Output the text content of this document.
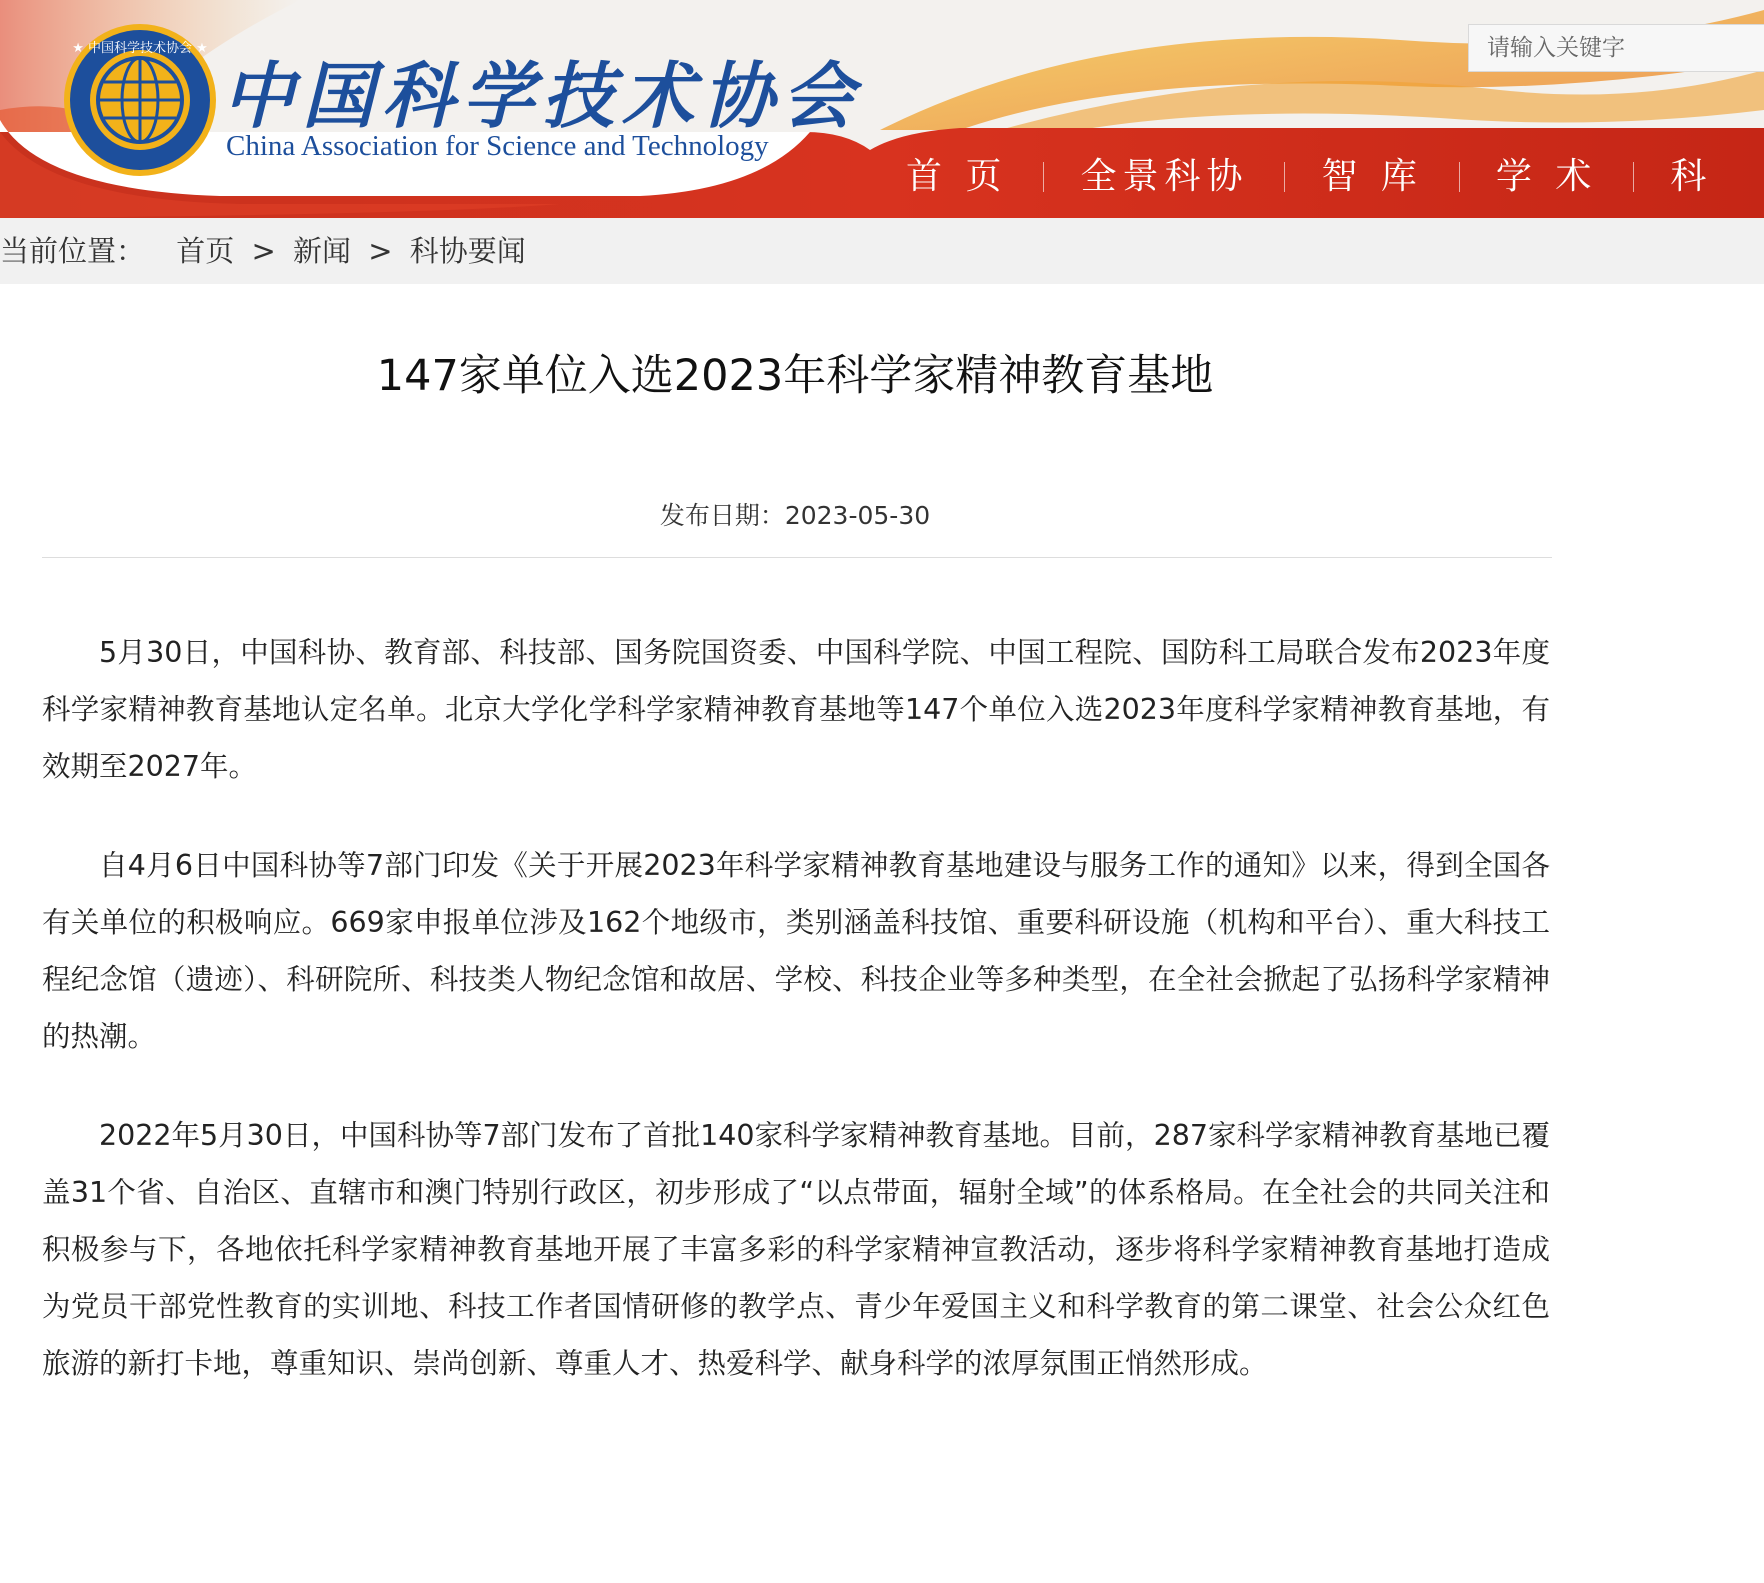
★ 中国科学技术协会 ★
中国科学技术协会
China Association for Science and Technology
请输入关键字
首 页	全景科协	智 库	学 术	科
当前位置： 首页 > 新闻 > 科协要闻
147家单位入选2023年科学家精神教育基地
发布日期：2023-05-30

5月30日，中国科协、教育部、科技部、国务院国资委、中国科学院、中国工程院、国防科工局联合发布2023年度科学家精神教育基地认定名单。北京大学化学科学家精神教育基地等147个单位入选2023年度科学家精神教育基地，有效期至2027年。

自4月6日中国科协等7部门印发《关于开展2023年科学家精神教育基地建设与服务工作的通知》以来，得到全国各有关单位的积极响应。669家申报单位涉及162个地级市，类别涵盖科技馆、重要科研设施（机构和平台）、重大科技工程纪念馆（遗迹）、科研院所、科技类人物纪念馆和故居、学校、科技企业等多种类型，在全社会掀起了弘扬科学家精神的热潮。

2022年5月30日，中国科协等7部门发布了首批140家科学家精神教育基地。目前，287家科学家精神教育基地已覆盖31个省、自治区、直辖市和澳门特别行政区，初步形成了“以点带面，辐射全域”的体系格局。在全社会的共同关注和积极参与下，各地依托科学家精神教育基地开展了丰富多彩的科学家精神宣教活动，逐步将科学家精神教育基地打造成为党员干部党性教育的实训地、科技工作者国情研修的教学点、青少年爱国主义和科学教育的第二课堂、社会公众红色旅游的新打卡地，尊重知识、崇尚创新、尊重人才、热爱科学、献身科学的浓厚氛围正悄然形成。
